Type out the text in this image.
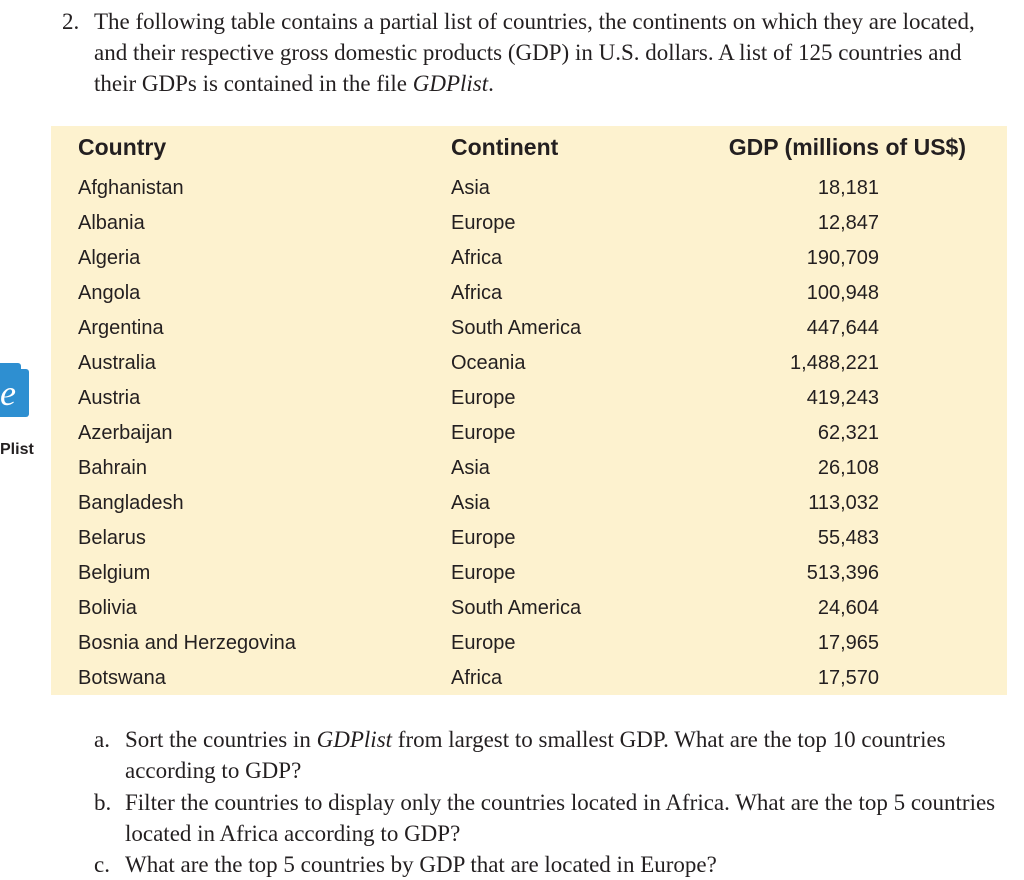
2. The following table contains a partial list of countries, the continents on which they are located, and their respective gross domestic products (GDP) in U.S. dollars. A list of 125 countries and their GDPs is contained in the file GDPlist.
e
Plist
Country	Continent	GDP (millions of US$)
Afghanistan	Asia	18,181
Albania	Europe	12,847
Algeria	Africa	190,709
Angola	Africa	100,948
Argentina	South America	447,644
Australia	Oceania	1,488,221
Austria	Europe	419,243
Azerbaijan	Europe	62,321
Bahrain	Asia	26,108
Bangladesh	Asia	113,032
Belarus	Europe	55,483
Belgium	Europe	513,396
Bolivia	South America	24,604
Bosnia and Herzegovina	Europe	17,965
Botswana	Africa	17,570
a. Sort the countries in GDPlist from largest to smallest GDP. What are the top 10 countries according to GDP?
b. Filter the countries to display only the countries located in Africa. What are the top 5 countries located in Africa according to GDP?
c. What are the top 5 countries by GDP that are located in Europe?
